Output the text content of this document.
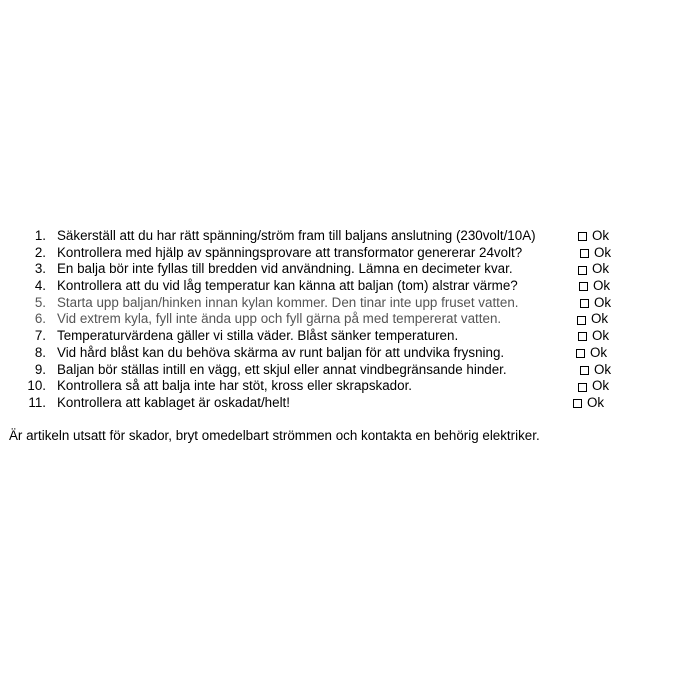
1. Säkerställ att du har rätt spänning/ström fram till baljans anslutning (230volt/10A)	Ok
2. Kontrollera med hjälp av spänningsprovare att transformator genererar 24volt?	Ok
3. En balja bör inte fyllas till bredden vid användning. Lämna en decimeter kvar.	Ok
4. Kontrollera att du vid låg temperatur kan känna att baljan (tom) alstrar värme?	Ok
5. Starta upp baljan/hinken innan kylan kommer. Den tinar inte upp fruset vatten.	Ok
6. Vid extrem kyla, fyll inte ända upp och fyll gärna på med tempererat vatten.	Ok
7. Temperaturvärdena gäller vi stilla väder. Blåst sänker temperaturen.	Ok
8. Vid hård blåst kan du behöva skärma av runt baljan för att undvika frysning.	Ok
9. Baljan bör ställas intill en vägg, ett skjul eller annat vindbegränsande hinder.	Ok
10. Kontrollera så att balja inte har stöt, kross eller skrapskador.	Ok
11. Kontrollera att kablaget är oskadat/helt!	Ok

Är artikeln utsatt för skador, bryt omedelbart strömmen och kontakta en behörig elektriker.
